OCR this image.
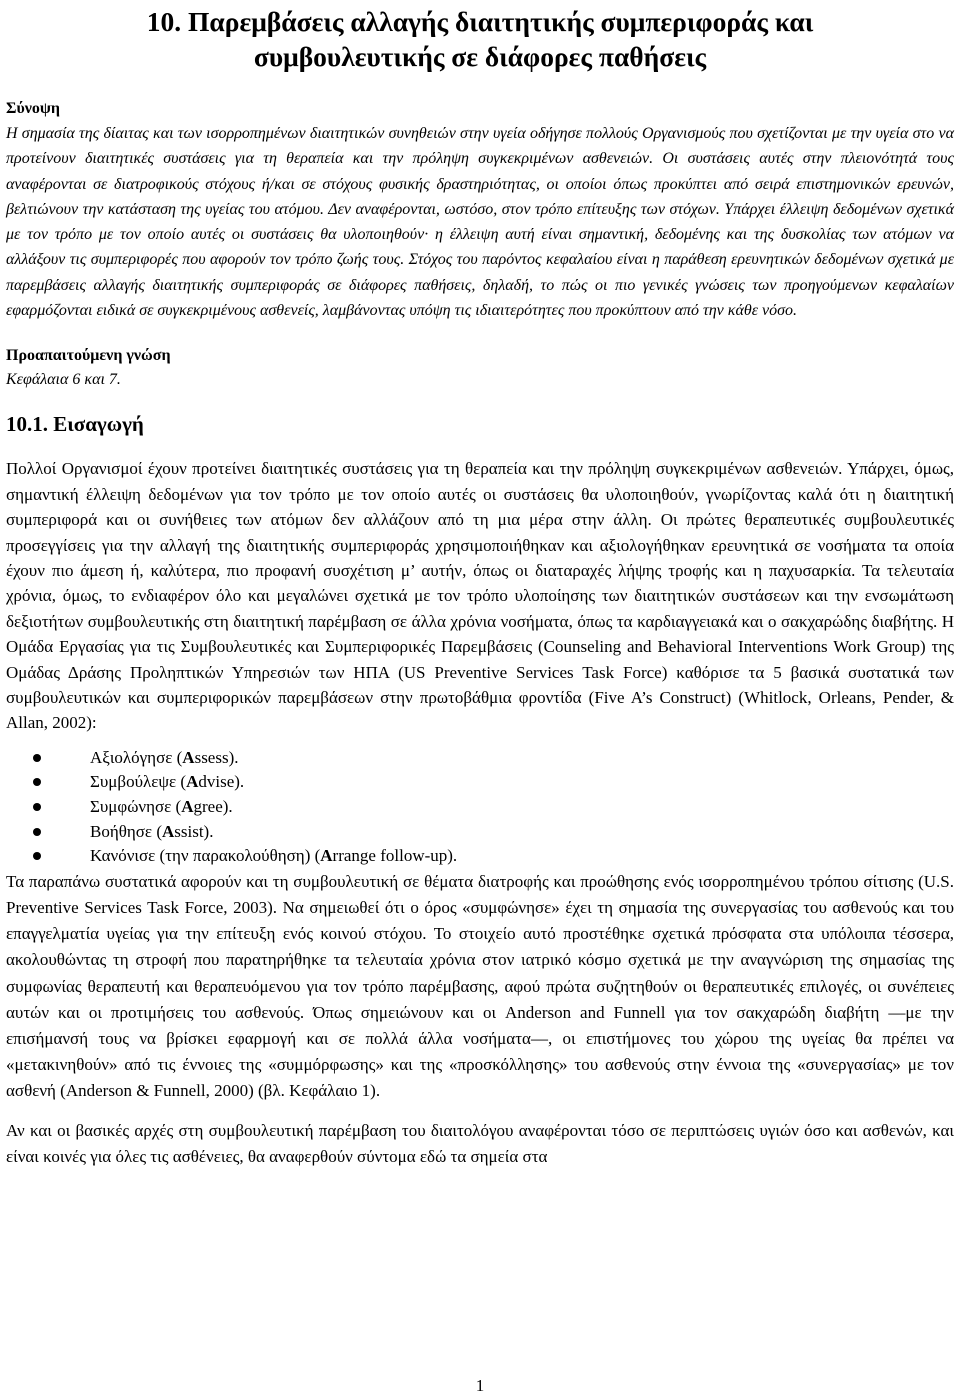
10. Παρεμβάσεις αλλαγής διαιτητικής συμπεριφοράς και
συμβουλευτικής σε διάφορες παθήσεις
Σύνοψη

Η σημασία της δίαιτας και των ισορροπημένων διαιτητικών συνηθειών στην υγεία οδήγησε πολλούς Οργανισμούς που σχετίζονται με την υγεία στο να προτείνουν διαιτητικές συστάσεις για τη θεραπεία και την πρόληψη συγκεκριμένων ασθενειών. Οι συστάσεις αυτές στην πλειονότητά τους αναφέρονται σε διατροφικούς στόχους ή/και σε στόχους φυσικής δραστηριότητας, οι οποίοι όπως προκύπτει από σειρά επιστημονικών ερευνών, βελτιώνουν την κατάσταση της υγείας του ατόμου. Δεν αναφέρονται, ωστόσο, στον τρόπο επίτευξης των στόχων. Υπάρχει έλλειψη δεδομένων σχετικά με τον τρόπο με τον οποίο αυτές οι συστάσεις θα υλοποιηθούν· η έλλειψη αυτή είναι σημαντική, δεδομένης και της δυσκολίας των ατόμων να αλλάξουν τις συμπεριφορές που αφορούν τον τρόπο ζωής τους. Στόχος του παρόντος κεφαλαίου είναι η παράθεση ερευνητικών δεδομένων σχετικά με παρεμβάσεις αλλαγής διαιτητικής συμπεριφοράς σε διάφορες παθήσεις, δηλαδή, το πώς οι πιο γενικές γνώσεις των προηγούμενων κεφαλαίων εφαρμόζονται ειδικά σε συγκεκριμένους ασθενείς, λαμβάνοντας υπόψη τις ιδιαιτερότητες που προκύπτουν από την κάθε νόσο.

Προαπαιτούμενη γνώση

Κεφάλαια 6 και 7.

10.1. Εισαγωγή

Πολλοί Οργανισμοί έχουν προτείνει διαιτητικές συστάσεις για τη θεραπεία και την πρόληψη συγκεκριμένων ασθενειών. Υπάρχει, όμως, σημαντική έλλειψη δεδομένων για τον τρόπο με τον οποίο αυτές οι συστάσεις θα υλοποιηθούν, γνωρίζοντας καλά ότι η διαιτητική συμπεριφορά και οι συνήθειες των ατόμων δεν αλλάζουν από τη μια μέρα στην άλλη. Οι πρώτες θεραπευτικές συμβουλευτικές προσεγγίσεις για την αλλαγή της διαιτητικής συμπεριφοράς χρησιμοποιήθηκαν και αξιολογήθηκαν ερευνητικά σε νοσήματα τα οποία έχουν πιο άμεση ή, καλύτερα, πιο προφανή συσχέτιση μ’ αυτήν, όπως οι διαταραχές λήψης τροφής και η παχυσαρκία. Τα τελευταία χρόνια, όμως, το ενδιαφέρον όλο και μεγαλώνει σχετικά με τον τρόπο υλοποίησης των διαιτητικών συστάσεων και την ενσωμάτωση δεξιοτήτων συμβουλευτικής στη διαιτητική παρέμβαση σε άλλα χρόνια νοσήματα, όπως τα καρδιαγγειακά και ο σακχαρώδης διαβήτης. Η Ομάδα Εργασίας για τις Συμβουλευτικές και Συμπεριφορικές Παρεμβάσεις (Counseling and Behavioral Interventions Work Group) της Ομάδας Δράσης Προληπτικών Υπηρεσιών των ΗΠΑ (US Preventive Services Task Force) καθόρισε τα 5 βασικά συστατικά των συμβουλευτικών και συμπεριφορικών παρεμβάσεων στην πρωτοβάθμια φροντίδα (Five A’s Construct) (Whitlock, Orleans, Pender, & Allan, 2002):

Αξιολόγησε (Assess).
Συμβούλεψε (Advise).
Συμφώνησε (Agree).
Βοήθησε (Assist).
Κανόνισε (την παρακολούθηση) (Arrange follow-up).

Τα παραπάνω συστατικά αφορούν και τη συμβουλευτική σε θέματα διατροφής και προώθησης ενός ισορροπημένου τρόπου σίτισης (U.S. Preventive Services Task Force, 2003). Να σημειωθεί ότι ο όρος «συμφώνησε» έχει τη σημασία της συνεργασίας του ασθενούς και του επαγγελματία υγείας για την επίτευξη ενός κοινού στόχου. Το στοιχείο αυτό προστέθηκε σχετικά πρόσφατα στα υπόλοιπα τέσσερα, ακολουθώντας τη στροφή που παρατηρήθηκε τα τελευταία χρόνια στον ιατρικό κόσμο σχετικά με την αναγνώριση της σημασίας της συμφωνίας θεραπευτή και θεραπευόμενου για τον τρόπο παρέμβασης, αφού πρώτα συζητηθούν οι θεραπευτικές επιλογές, οι συνέπειες αυτών και οι προτιμήσεις του ασθενούς. Όπως σημειώνουν και οι Anderson and Funnell για τον σακχαρώδη διαβήτη —με την επισήμανσή τους να βρίσκει εφαρμογή και σε πολλά άλλα νοσήματα—, οι επιστήμονες του χώρου της υγείας θα πρέπει να «μετακινηθούν» από τις έννοιες της «συμμόρφωσης» και της «προσκόλλησης» του ασθενούς στην έννοια της «συνεργασίας» με τον ασθενή (Anderson & Funnell, 2000) (βλ. Κεφάλαιο 1).

Αν και οι βασικές αρχές στη συμβουλευτική παρέμβαση του διαιτολόγου αναφέρονται τόσο σε περιπτώσεις υγιών όσο και ασθενών, και είναι κοινές για όλες τις ασθένειες, θα αναφερθούν σύντομα εδώ τα σημεία στα

1
